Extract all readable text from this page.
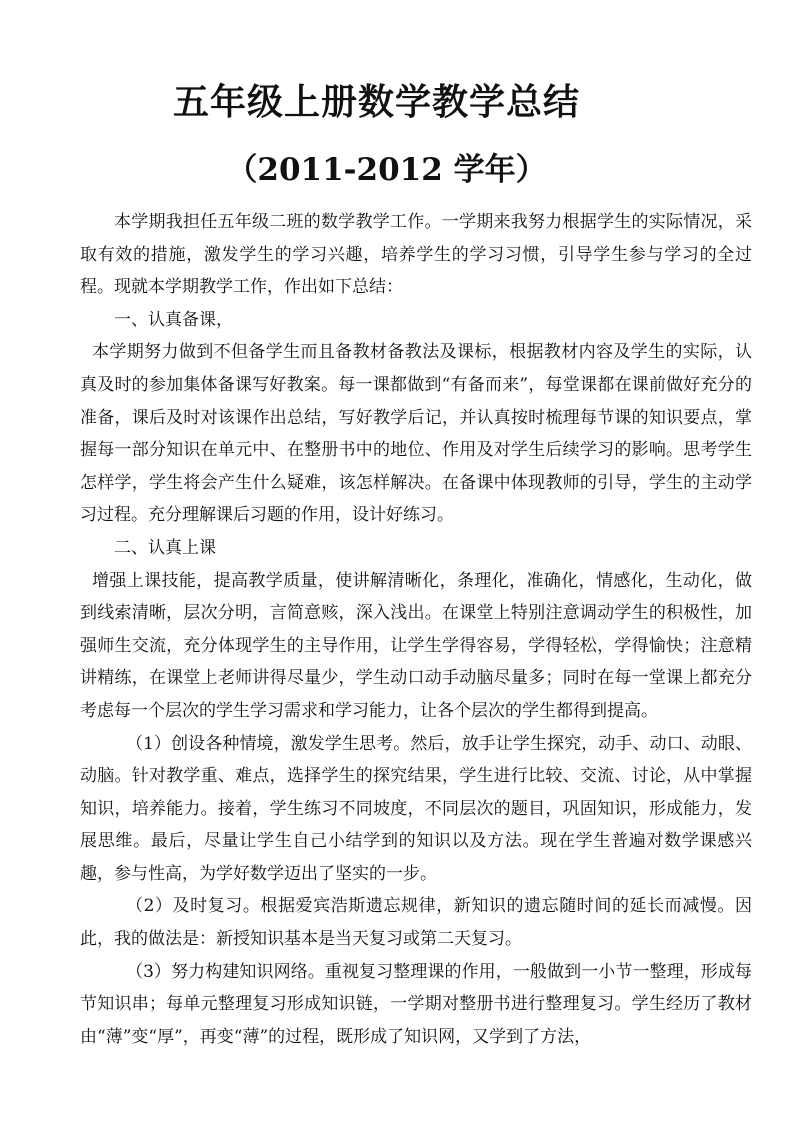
五年级上册数学教学总结
（2011-2012 学年）

本学期我担任五年级二班的数学教学工作。一学期来我努力根据学生的实际情况，采取有效的措施，激发学生的学习兴趣，培养学生的学习习惯，引导学生参与学习的全过程。现就本学期教学工作，作出如下总结：

一、认真备课，

本学期努力做到不但备学生而且备教材备教法及课标，根据教材内容及学生的实际，认真及时的参加集体备课写好教案。每一课都做到“有备而来”，每堂课都在课前做好充分的准备，课后及时对该课作出总结，写好教学后记，并认真按时梳理每节课的知识要点，掌握每一部分知识在单元中、在整册书中的地位、作用及对学生后续学习的影响。思考学生怎样学，学生将会产生什么疑难，该怎样解决。在备课中体现教师的引导，学生的主动学习过程。充分理解课后习题的作用，设计好练习。

二、认真上课

增强上课技能，提高教学质量，使讲解清晰化，条理化，准确化，情感化，生动化，做到线索清晰，层次分明，言简意赅，深入浅出。在课堂上特别注意调动学生的积极性，加强师生交流，充分体现学生的主导作用，让学生学得容易，学得轻松，学得愉快；注意精讲精练，在课堂上老师讲得尽量少，学生动口动手动脑尽量多；同时在每一堂课上都充分考虑每一个层次的学生学习需求和学习能力，让各个层次的学生都得到提高。

（1）创设各种情境，激发学生思考。然后，放手让学生探究，动手、动口、动眼、动脑。针对教学重、难点，选择学生的探究结果，学生进行比较、交流、讨论，从中掌握知识，培养能力。接着，学生练习不同坡度，不同层次的题目，巩固知识，形成能力，发展思维。最后，尽量让学生自己小结学到的知识以及方法。现在学生普遍对数学课感兴趣，参与性高，为学好数学迈出了坚实的一步。

（2）及时复习。根据爱宾浩斯遗忘规律，新知识的遗忘随时间的延长而减慢。因此，我的做法是：新授知识基本是当天复习或第二天复习。

（3）努力构建知识网络。重视复习整理课的作用，一般做到一小节一整理，形成每节知识串；每单元整理复习形成知识链，一学期对整册书进行整理复习。学生经历了教材由“薄”变“厚”，再变“薄”的过程，既形成了知识网，又学到了方法，
